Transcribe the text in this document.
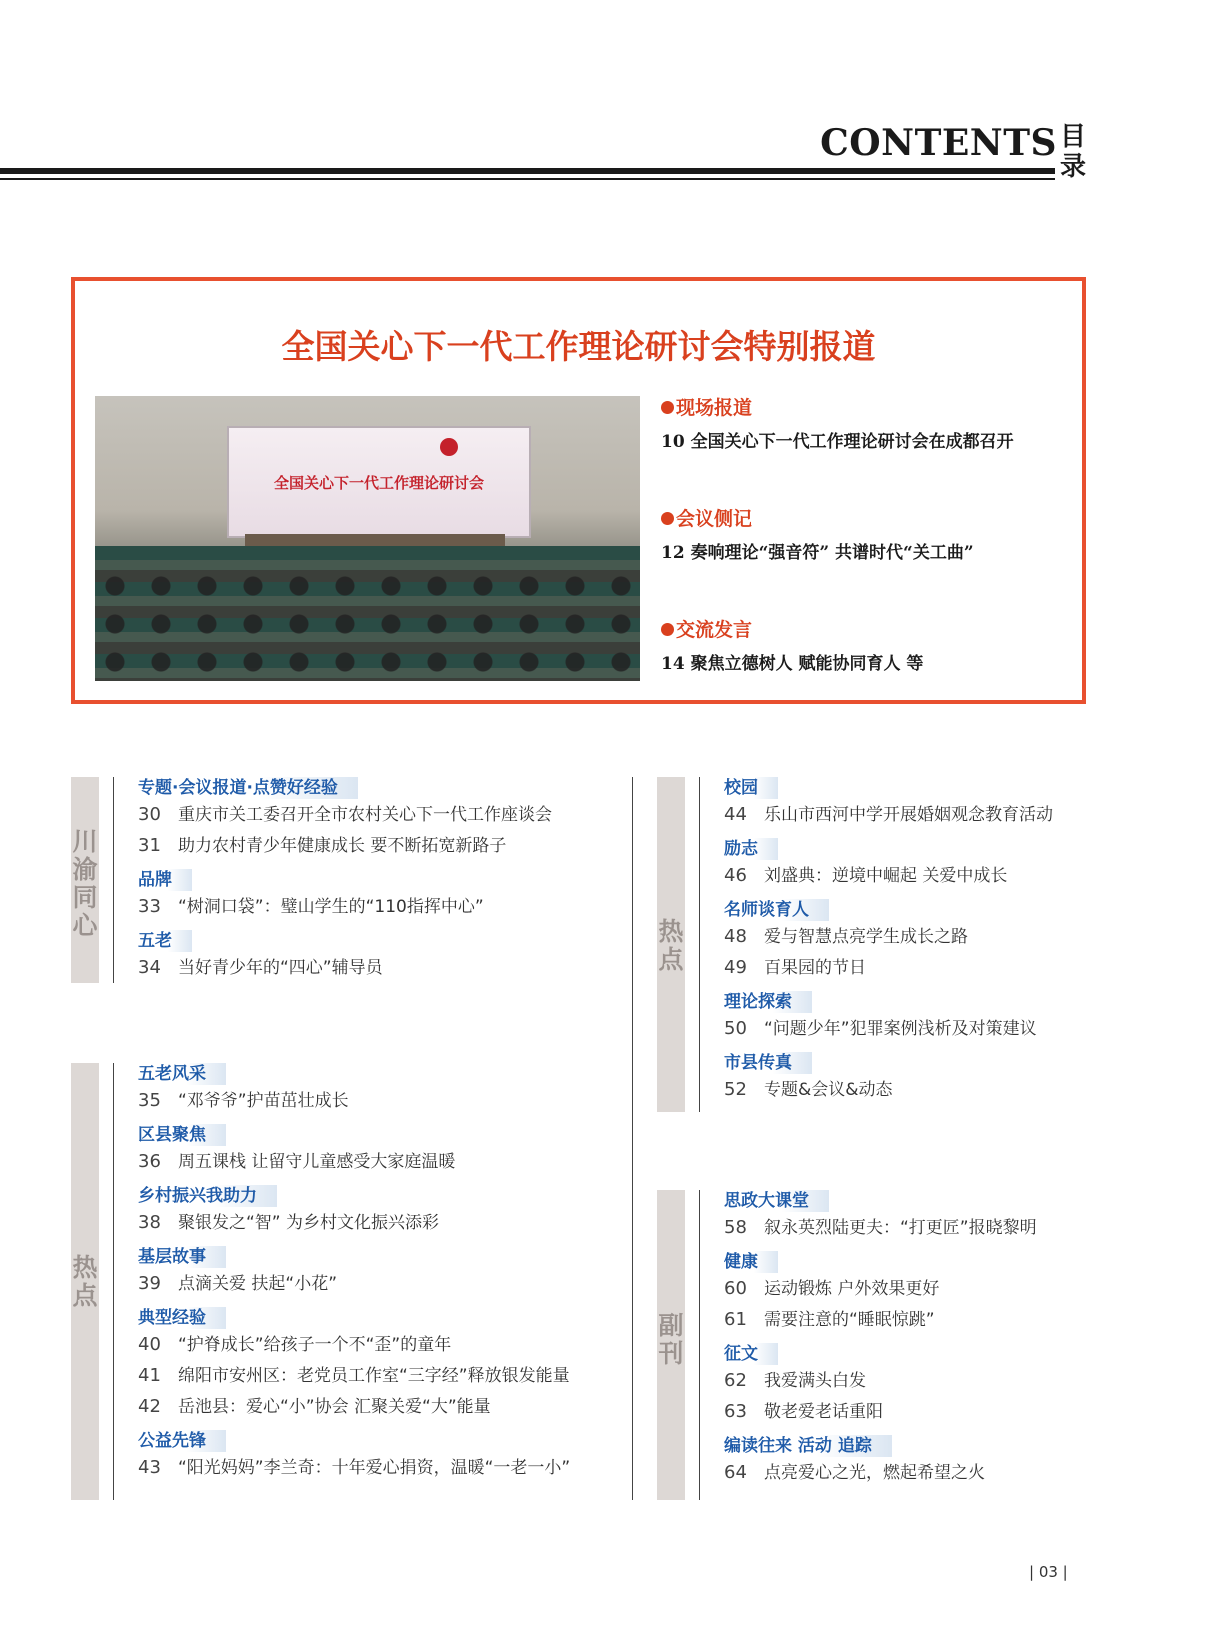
CONTENTS 目录
全国关心下一代工作理论研讨会特别报道
全国关心下一代工作理论研讨会
现场报道
10 全国关心下一代工作理论研讨会在成都召开
会议侧记
12 奏响理论“强音符” 共谱时代“关工曲”
交流发言
14 聚焦立德树人 赋能协同育人 等
川渝同心
热点
热点
副刊
专题·会议报道·点赞好经验
30 重庆市关工委召开全市农村关心下一代工作座谈会
31 助力农村青少年健康成长 要不断拓宽新路子
品牌
33 “树洞口袋”：璧山学生的“110指挥中心”
五老
34 当好青少年的“四心”辅导员
五老风采
35 “邓爷爷”护苗茁壮成长
区县聚焦
36 周五课栈 让留守儿童感受大家庭温暖
乡村振兴我助力
38 聚银发之“智” 为乡村文化振兴添彩
基层故事
39 点滴关爱 扶起“小花”
典型经验
40 “护脊成长”给孩子一个不“歪”的童年
41 绵阳市安州区：老党员工作室“三字经”释放银发能量
42 岳池县：爱心“小”协会 汇聚关爱“大”能量
公益先锋
43 “阳光妈妈”李兰奇：十年爱心捐资，温暖“一老一小”
校园
44 乐山市西河中学开展婚姻观念教育活动
励志
46 刘盛典：逆境中崛起 关爱中成长
名师谈育人
48 爱与智慧点亮学生成长之路
49 百果园的节日
理论探索
50 “问题少年”犯罪案例浅析及对策建议
市县传真
52 专题&会议&动态
思政大课堂
58 叙永英烈陆更夫：“打更匠”报晓黎明
健康
60 运动锻炼 户外效果更好
61 需要注意的“睡眠惊跳”
征文
62 我爱满头白发
63 敬老爱老话重阳
编读往来 活动 追踪
64 点亮爱心之光，燃起希望之火
| 03 |
